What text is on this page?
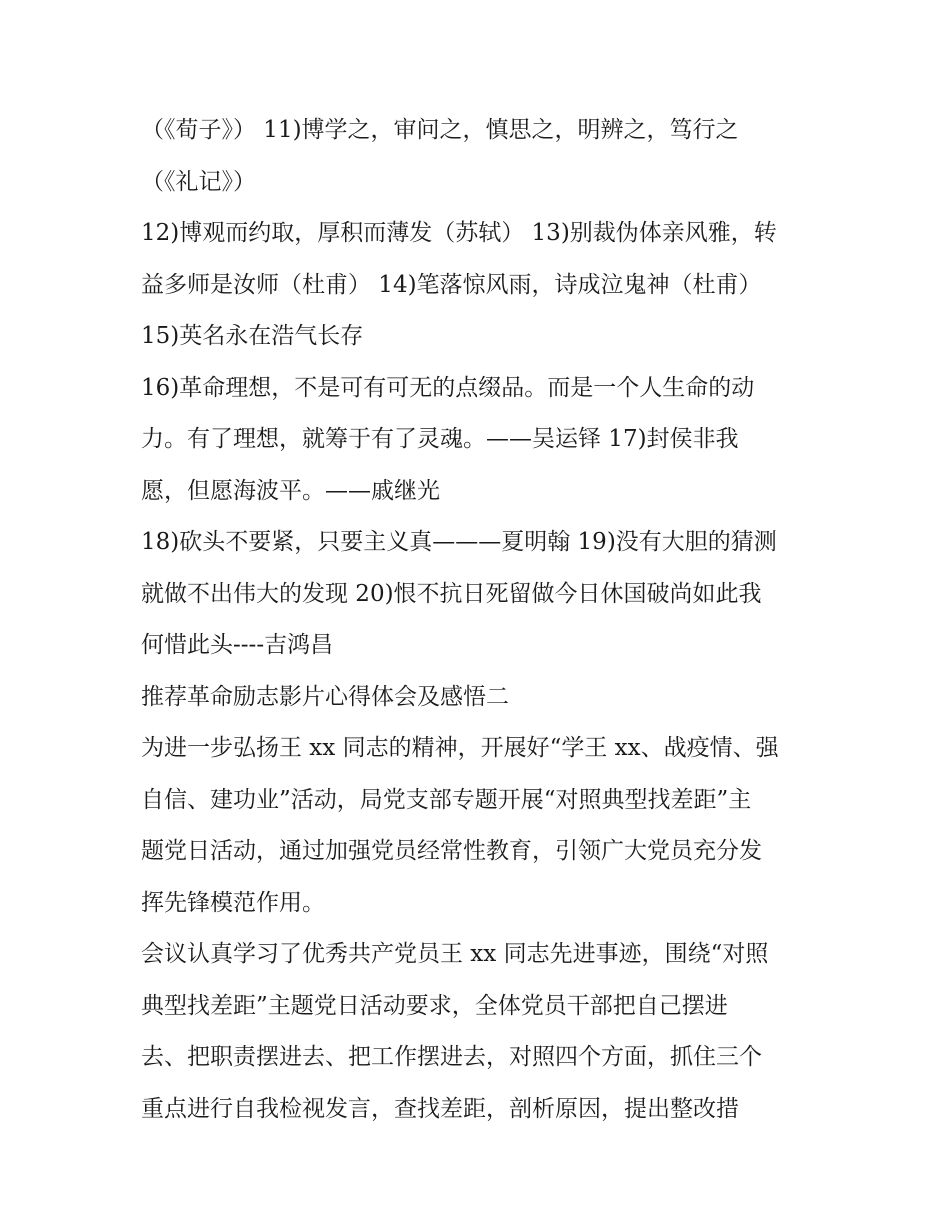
（《荀子》） 11)博学之，审问之，慎思之，明辨之，笃行之
（《礼记》）
12)博观而约取，厚积而薄发（苏轼） 13)别裁伪体亲风雅，转
益多师是汝师（杜甫） 14)笔落惊风雨，诗成泣鬼神（杜甫）
15)英名永在浩气长存
16)革命理想，不是可有可无的点缀品。而是一个人生命的动
力。有了理想，就筹于有了灵魂。——吴运铎 17)封侯非我
愿，但愿海波平。——戚继光
18)砍头不要紧，只要主义真———夏明翰 19)没有大胆的猜测
就做不出伟大的发现 20)恨不抗日死留做今日休国破尚如此我
何惜此头----吉鸿昌
推荐革命励志影片心得体会及感悟二
为进一步弘扬王 xx 同志的精神，开展好“学王 xx、战疫情、强
自信、建功业”活动，局党支部专题开展“对照典型找差距”主
题党日活动，通过加强党员经常性教育，引领广大党员充分发
挥先锋模范作用。
会议认真学习了优秀共产党员王 xx 同志先进事迹，围绕“对照
典型找差距”主题党日活动要求，全体党员干部把自己摆进
去、把职责摆进去、把工作摆进去，对照四个方面，抓住三个
重点进行自我检视发言，查找差距，剖析原因，提出整改措
